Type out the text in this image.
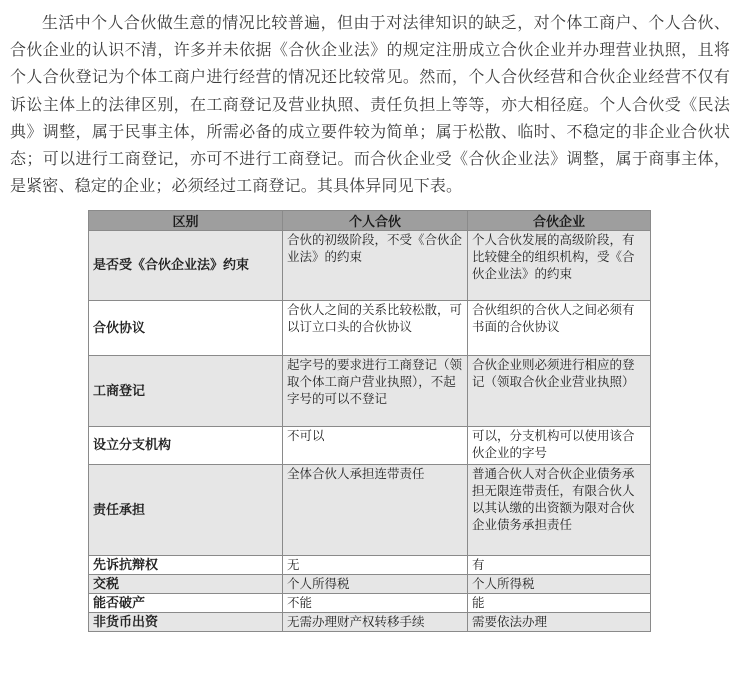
生活中个人合伙做生意的情况比较普遍，但由于对法律知识的缺乏，对个体工商户、个人合伙、合伙企业的认识不清，许多并未依据《合伙企业法》的规定注册成立合伙企业并办理营业执照，且将个人合伙登记为个体工商户进行经营的情况还比较常见。然而，个人合伙经营和合伙企业经营不仅有诉讼主体上的法律区别，在工商登记及营业执照、责任负担上等等，亦大相径庭。个人合伙受《民法典》调整，属于民事主体，所需必备的成立要件较为简单；属于松散、临时、不稳定的非企业合伙状态；可以进行工商登记，亦可不进行工商登记。而合伙企业受《合伙企业法》调整，属于商事主体，是紧密、稳定的企业；必须经过工商登记。其具体异同见下表。

区别	个人合伙	合伙企业
是否受《合伙企业法》约束	合伙的初级阶段，不受《合伙企业法》的约束	个人合伙发展的高级阶段，有比较健全的组织机构，受《合伙企业法》的约束
合伙协议	合伙人之间的关系比较松散，可以订立口头的合伙协议	合伙组织的合伙人之间必须有书面的合伙协议
工商登记	起字号的要求进行工商登记（领取个体工商户营业执照），不起字号的可以不登记	合伙企业则必须进行相应的登记（领取合伙企业营业执照）
设立分支机构	不可以	可以，分支机构可以使用该合伙企业的字号
责任承担	全体合伙人承担连带责任	普通合伙人对合伙企业债务承担无限连带责任，有限合伙人以其认缴的出资额为限对合伙企业债务承担责任
先诉抗辩权	无	有
交税	个人所得税	个人所得税
能否破产	不能	能
非货币出资	无需办理财产权转移手续	需要依法办理
